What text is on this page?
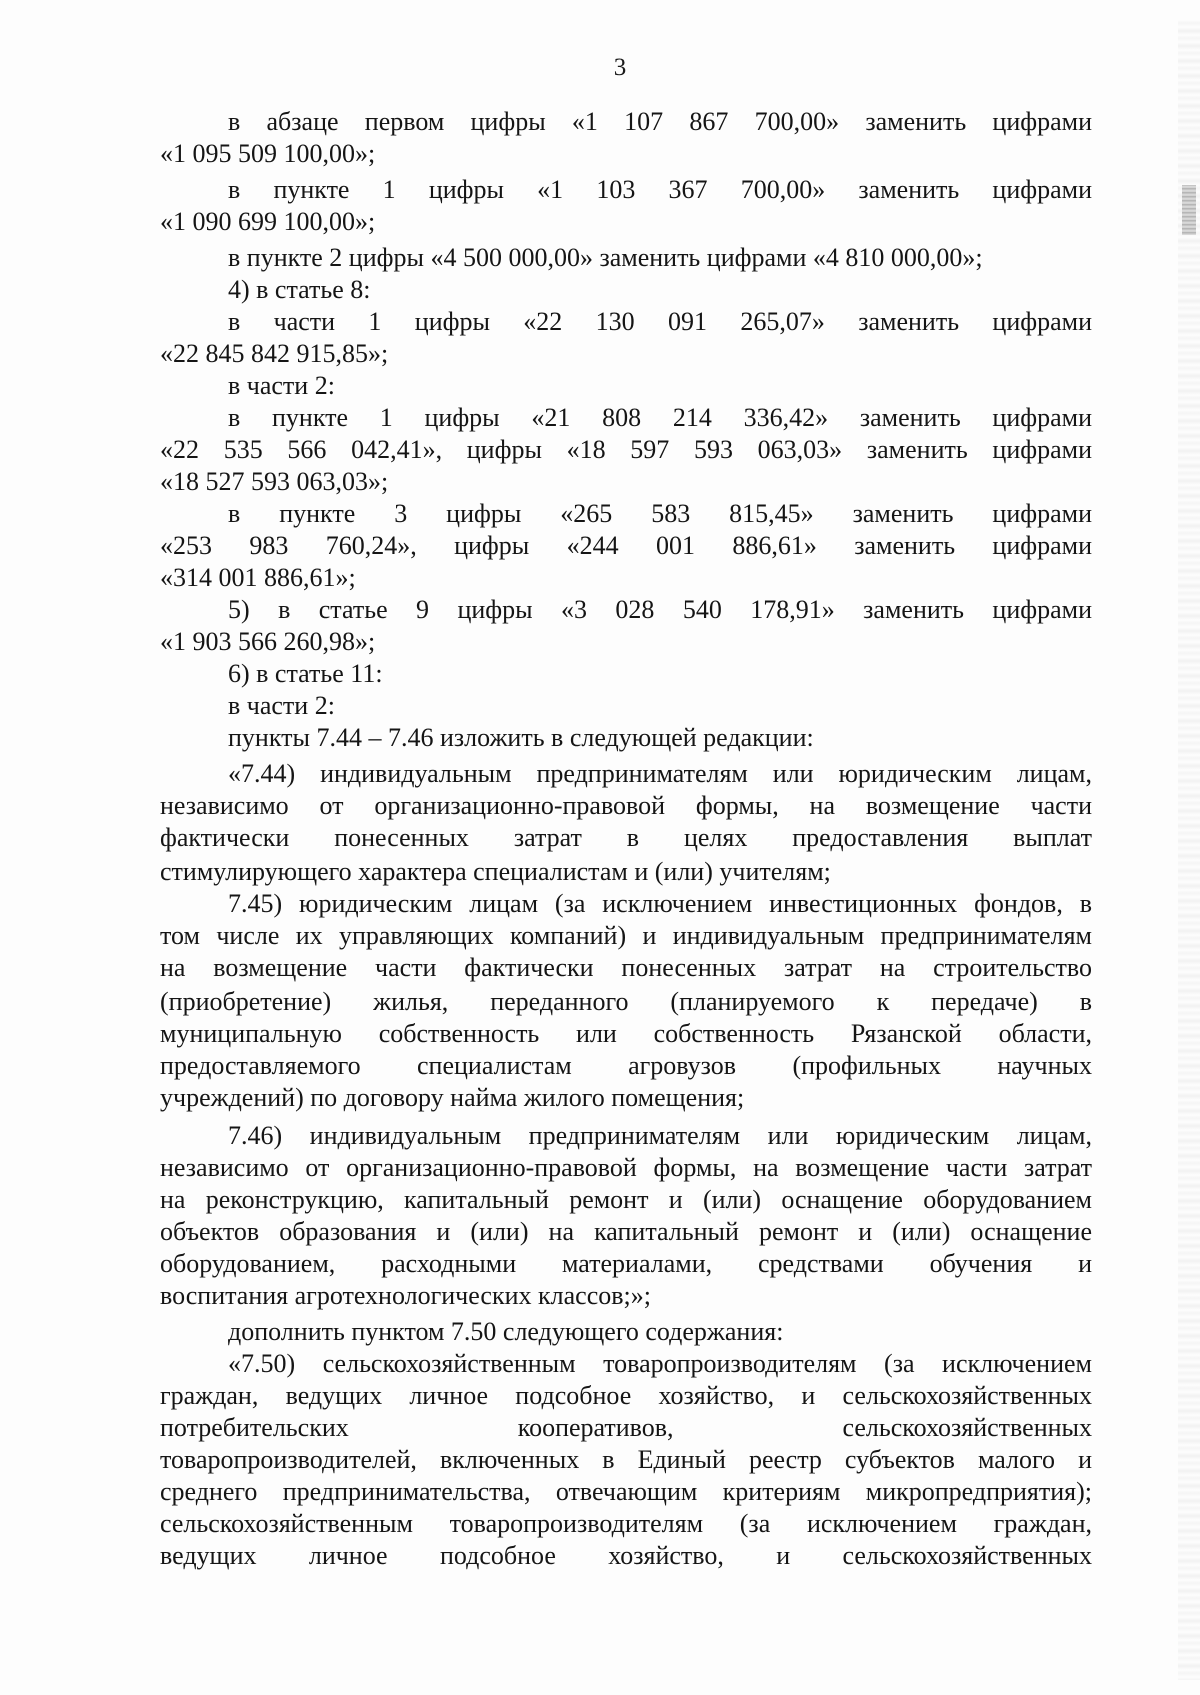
3
в абзаце первом цифры «1 107 867 700,00» заменить цифрами
«1 095 509 100,00»;
в пункте 1 цифры «1 103 367 700,00» заменить цифрами
«1 090 699 100,00»;
в пункте 2 цифры «4 500 000,00» заменить цифрами «4 810 000,00»;
4) в статье 8:
в части 1 цифры «22 130 091 265,07» заменить цифрами
«22 845 842 915,85»;
в части 2:
в пункте 1 цифры «21 808 214 336,42» заменить цифрами
«22 535 566 042,41», цифры «18 597 593 063,03» заменить цифрами
«18 527 593 063,03»;
в пункте 3 цифры «265 583 815,45» заменить цифрами
«253 983 760,24», цифры «244 001 886,61» заменить цифрами
«314 001 886,61»;
5) в статье 9 цифры «3 028 540 178,91» заменить цифрами
«1 903 566 260,98»;
6) в статье 11:
в части 2:
пункты 7.44 – 7.46 изложить в следующей редакции:
«7.44) индивидуальным предпринимателям или юридическим лицам,
независимо от организационно-правовой формы, на возмещение части
фактически понесенных затрат в целях предоставления выплат
стимулирующего характера специалистам и (или) учителям;
7.45) юридическим лицам (за исключением инвестиционных фондов, в
том числе их управляющих компаний) и индивидуальным предпринимателям
на возмещение части фактически понесенных затрат на строительство
(приобретение) жилья, переданного (планируемого к передаче) в
муниципальную собственность или собственность Рязанской области,
предоставляемого специалистам агровузов (профильных научных
учреждений) по договору найма жилого помещения;
7.46) индивидуальным предпринимателям или юридическим лицам,
независимо от организационно-правовой формы, на возмещение части затрат
на реконструкцию, капитальный ремонт и (или) оснащение оборудованием
объектов образования и (или) на капитальный ремонт и (или) оснащение
оборудованием, расходными материалами, средствами обучения и
воспитания агротехнологических классов;»;
дополнить пунктом 7.50 следующего содержания:
«7.50) сельскохозяйственным товаропроизводителям (за исключением
граждан, ведущих личное подсобное хозяйство, и сельскохозяйственных
потребительских кооперативов, сельскохозяйственных
товаропроизводителей, включенных в Единый реестр субъектов малого и
среднего предпринимательства, отвечающим критериям микропредприятия);
сельскохозяйственным товаропроизводителям (за исключением граждан,
ведущих личное подсобное хозяйство, и сельскохозяйственных
